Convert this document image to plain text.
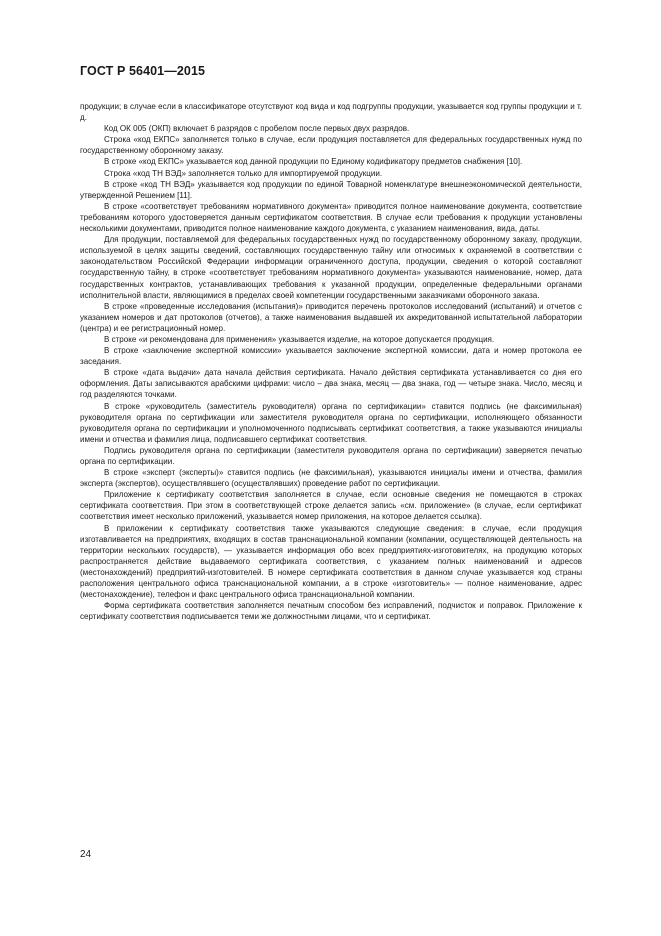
ГОСТ Р 56401—2015

продукции; в случае если в классификаторе отсутствуют код вида и код подгруппы продукции, указывается код группы продукции и т. д.

Код ОК 005 (ОКП) включает 6 разрядов с пробелом после первых двух разрядов.

Строка «код ЕКПС» заполняется только в случае, если продукция поставляется для федеральных государственных нужд по государственному оборонному заказу.

В строке «код ЕКПС» указывается код данной продукции по Единому кодификатору предметов снабжения [10].

Строка «код ТН ВЭД» заполняется только для импортируемой продукции.

В строке «код ТН ВЭД» указывается код продукции по единой Товарной номенклатуре внешнеэкономической деятельности, утвержденной Решением [11].

В строке «соответствует требованиям нормативного документа» приводится полное наименование документа, соответствие требованиям которого удостоверяется данным сертификатом соответствия. В случае если требования к продукции установлены несколькими документами, приводится полное наименование каждого документа, с указанием наименования, вида, даты.

Для продукции, поставляемой для федеральных государственных нужд по государственному оборонному заказу, продукции, используемой в целях защиты сведений, составляющих государственную тайну или относимых к охраняемой в соответствии с законодательством Российской Федерации информации ограниченного доступа, продукции, сведения о которой составляют государственную тайну, в строке «соответствует требованиям нормативного документа» указываются наименование, номер, дата государственных контрактов, устанавливающих требования к указанной продукции, определенные федеральными органами исполнительной власти, являющимися в пределах своей компетенции государственными заказчиками оборонного заказа.

В строке «проведенные исследования (испытания)» приводится перечень протоколов исследований (испытаний) и отчетов с указанием номеров и дат протоколов (отчетов), а также наименования выдавшей их аккредитованной испытательной лаборатории (центра) и ее регистрационный номер.

В строке «и рекомендована для применения» указывается изделие, на которое допускается продукция.

В строке «заключение экспертной комиссии» указывается заключение экспертной комиссии, дата и номер протокола ее заседания.

В строке «дата выдачи» дата начала действия сертификата. Начало действия сертификата устанавливается со дня его оформления. Даты записываются арабскими цифрами: число – два знака, месяц — два знака, год — четыре знака. Число, месяц и год разделяются точками.

В строке «руководитель (заместитель руководителя) органа по сертификации» ставится подпись (не факсимильная) руководителя органа по сертификации или заместителя руководителя органа по сертификации, исполняющего обязанности руководителя органа по сертификации и уполномоченного подписывать сертификат соответствия, а также указываются инициалы имени и отчества и фамилия лица, подписавшего сертификат соответствия.

Подпись руководителя органа по сертификации (заместителя руководителя органа по сертификации) заверяется печатью органа по сертификации.

В строке «эксперт (эксперты)» ставится подпись (не факсимильная), указываются инициалы имени и отчества, фамилия эксперта (экспертов), осуществлявшего (осуществлявших) проведение работ по сертификации.

Приложение к сертификату соответствия заполняется в случае, если основные сведения не помещаются в строках сертификата соответствия. При этом в соответствующей строке делается запись «см. приложение» (в случае, если сертификат соответствия имеет несколько приложений, указывается номер приложения, на которое делается ссылка).

В приложении к сертификату соответствия также указываются следующие сведения: в случае, если продукция изготавливается на предприятиях, входящих в состав транснациональной компании (компании, осуществляющей деятельность на территории нескольких государств), — указывается информация обо всех предприятиях-изготовителях, на продукцию которых распространяется действие выдаваемого сертификата соответствия, с указанием полных наименований и адресов (местонахождений) предприятий-изготовителей. В номере сертификата соответствия в данном случае указывается код страны расположения центрального офиса транснациональной компании, а в строке «изготовитель» — полное наименование, адрес (местонахождение), телефон и факс центрального офиса транснациональной компании.

Форма сертификата соответствия заполняется печатным способом без исправлений, подчисток и поправок. Приложение к сертификату соответствия подписывается теми же должностными лицами, что и сертификат.

24
